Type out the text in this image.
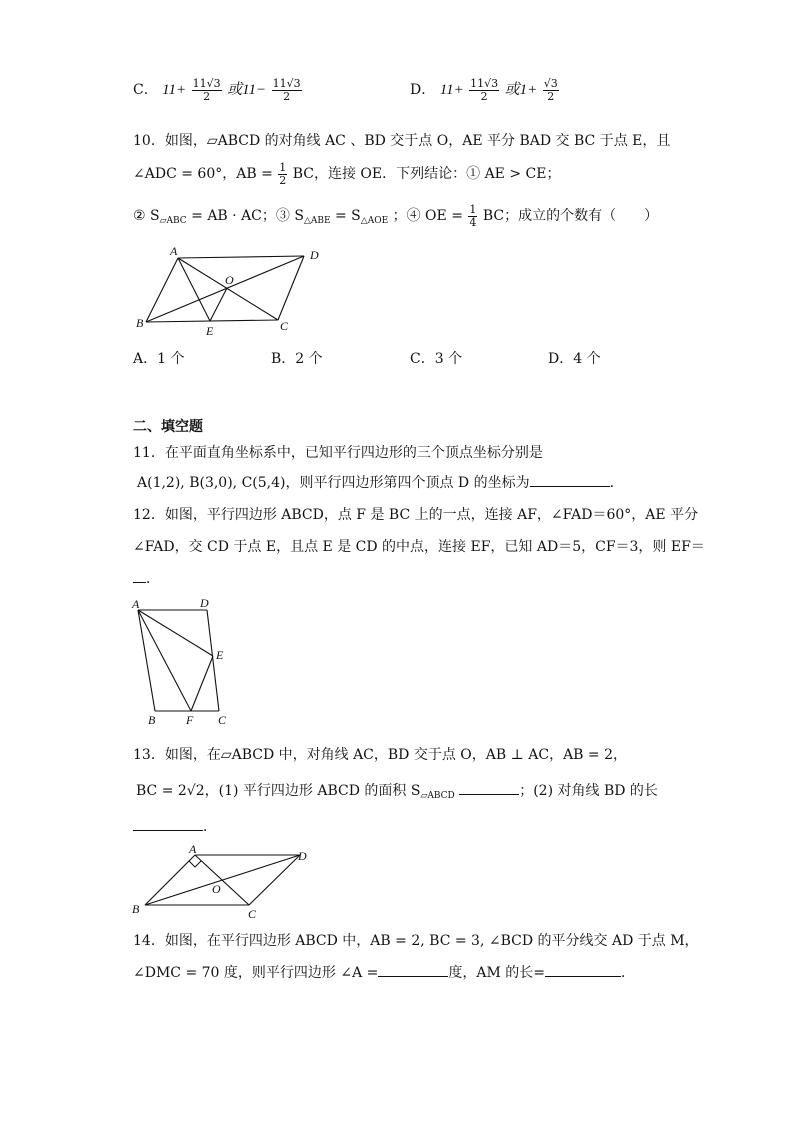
C． $11+ \frac{11√3}{2}$ 或$11- \frac{11√3}{2}$	D． $11+ \frac{11√3}{2}$ 或$1+ \frac{√3}{2}$
10．如图，▱ABCD 的对角线 AC 、BD 交于点 O，AE 平分 BAD 交 BC 于点 E，且
∠ADC = 60°，AB = $\frac{1}{2}$ BC，连接 OE．下列结论：① AE > CE；
② $S_{▱ABC}$ = AB · AC；③ $S_{\triangle ABE} = S_{\triangle AOE}$ ；④ OE = $\frac{1}{4}$ BC；成立的个数有（　　）
A	D
B	C
E
O
A．1 个	B．2 个	C．3 个	D．4 个
二、填空题
11．在平面直角坐标系中，已知平行四边形的三个顶点坐标分别是
A(1,2), B(3,0), C(5,4)，则平行四边形第四个顶点 D 的坐标为	．
12．如图，平行四边形 ABCD，点 F 是 BC 上的一点，连接 AF，∠FAD＝60°，AE 平分
∠FAD，交 CD 于点 E，且点 E 是 CD 的中点，连接 EF，已知 AD＝5，CF＝3，则 EF＝
．
A	D
E
B	F C
13．如图，在▱ABCD 中，对角线 AC，BD 交于点 O，AB ⊥ AC，AB = 2，
BC = 2√2，(1) 平行四边形 ABCD 的面积 $S_{▱ABCD}$	；(2) 对角线 BD 的长
．
A	D
B	C
O
14．如图，在平行四边形 ABCD 中，AB = 2, BC = 3, ∠BCD 的平分线交 AD 于点 M，
∠DMC = 70 度，则平行四边形 ∠A =	度，AM 的长=	．
